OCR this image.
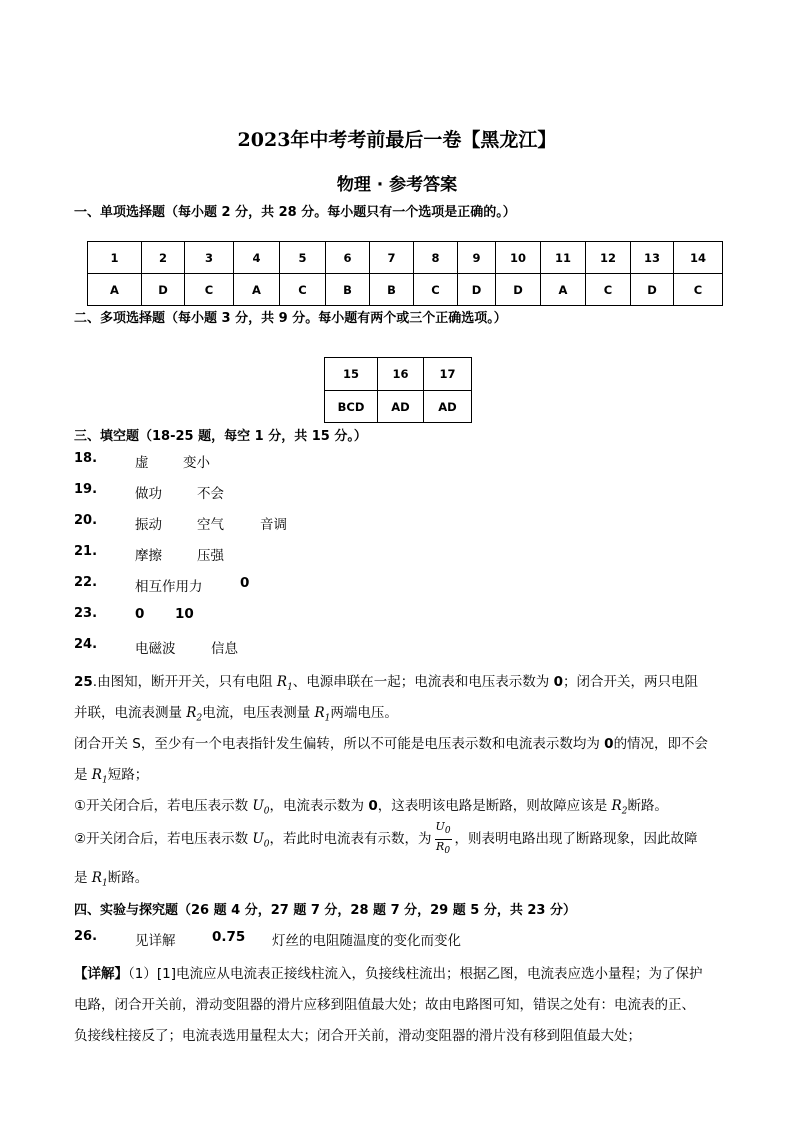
2023年中考考前最后一卷【黑龙江】
物理 · 参考答案
一、单项选择题（每小题 2 分，共 28 分。每小题只有一个选项是正确的。）
1	2	3	4	5	6	7	8	9	10	11	12	13	14
A	D	C	A	C	B	B	C	D	D	A	C	D	C
二、多项选择题（每小题 3 分，共 9 分。每小题有两个或三个正确选项。）
15	16	17
BCD	AD	AD
三、填空题（18-25 题，每空 1 分，共 15 分。）
18.	虚	变小
19.	做功	不会
20.	振动	空气	音调
21.	摩擦	压强
22.	相互作用力	0
23.	0 10
24.	电磁波	信息
25.由图知，断开开关，只有电阻 $R_1$、电源串联在一起；电流表和电压表示数为 0；闭合开关，两只电阻
并联，电流表测量 $R_2$电流，电压表测量 $R_1$两端电压。
闭合开关 S，至少有一个电表指针发生偏转，所以不可能是电压表示数和电流表示数均为 0的情况，即不会
是 $R_1$短路；
①开关闭合后，若电压表示数 $U_0$，电流表示数为 0，这表明该电路是断路，则故障应该是 $R_2$断路。
②开关闭合后，若电压表示数 $U_0$，若此时电流表有示数，为 $\frac{U_0}{R_0}$ ，则表明电路出现了断路现象，因此故障
是 $R_1$断路。
四、实验与探究题（26 题 4 分，27 题 7 分，28 题 7 分，29 题 5 分，共 23 分）
26.	见详解	0.75 灯丝的电阻随温度的变化而变化
【详解】（1）[1]电流应从电流表正接线柱流入，负接线柱流出；根据乙图，电流表应选小量程；为了保护
电路，闭合开关前，滑动变阻器的滑片应移到阻值最大处；故由电路图可知，错误之处有：电流表的正、
负接线柱接反了；电流表选用量程太大；闭合开关前，滑动变阻器的滑片没有移到阻值最大处；
